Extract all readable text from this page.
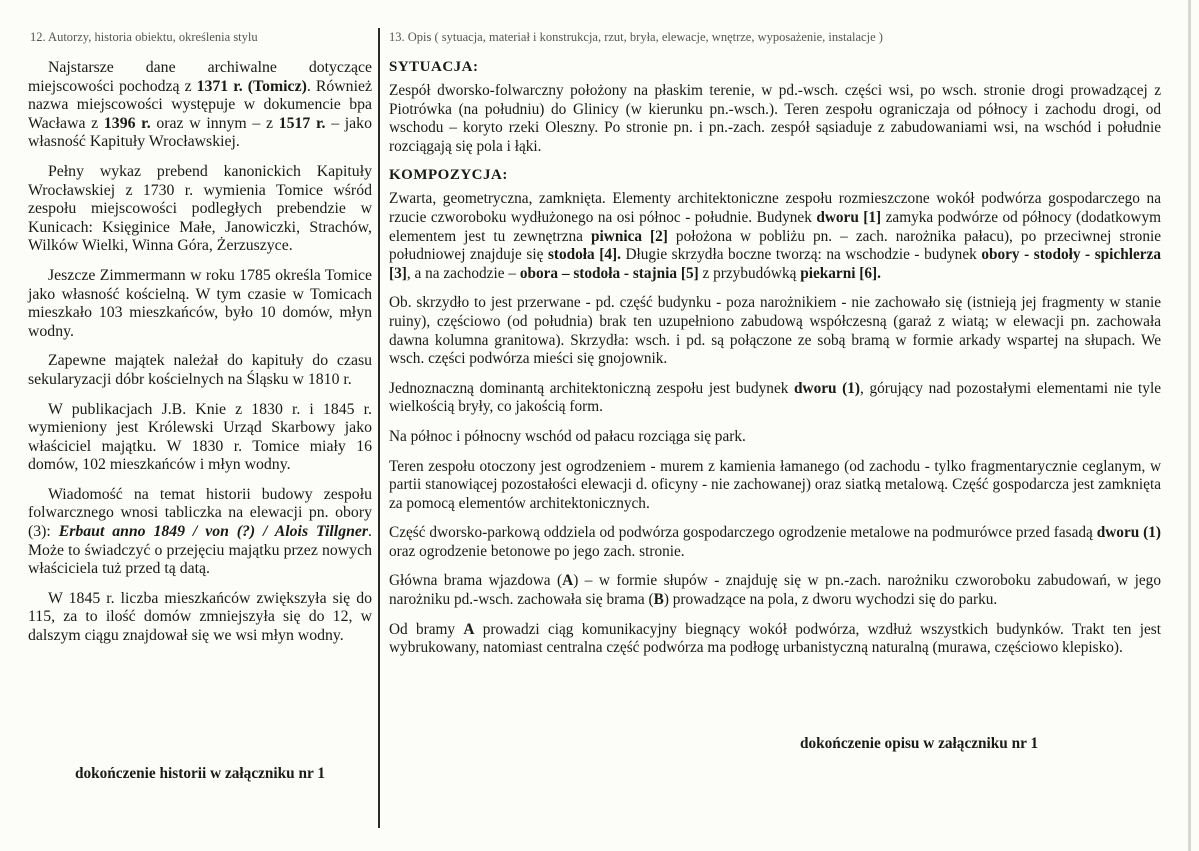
12. Autorzy, historia obiektu, określenia stylu

Najstarsze dane archiwalne dotyczące miejscowości pochodzą z 1371 r. (Tomicz). Również nazwa miejscowości występuje w dokumencie bpa Wacława z 1396 r. oraz w innym – z 1517 r. – jako własność Kapituły Wrocławskiej.

Pełny wykaz prebend kanonickich Kapituły Wrocławskiej z 1730 r. wymienia Tomice wśród zespołu miejscowości podległych prebendzie w Kunicach: Księginice Małe, Janowiczki, Strachów, Wilków Wielki, Winna Góra, Żerzuszyce.

Jeszcze Zimmermann w roku 1785 określa Tomice jako własność kościelną. W tym czasie w Tomicach mieszkało 103 mieszkańców, było 10 domów, młyn wodny.

Zapewne majątek należał do kapituły do czasu sekularyzacji dóbr kościelnych na Śląsku w 1810 r.

W publikacjach J.B. Knie z 1830 r. i 1845 r. wymieniony jest Królewski Urząd Skarbowy jako właściciel majątku. W 1830 r. Tomice miały 16 domów, 102 mieszkańców i młyn wodny.

Wiadomość na temat historii budowy zespołu folwarcznego wnosi tabliczka na elewacji pn. obory (3): Erbaut anno 1849 / von (?) / Alois Tillgner. Może to świadczyć o przejęciu majątku przez nowych właściciela tuż przed tą datą.

W 1845 r. liczba mieszkańców zwiększyła się do 115, za to ilość domów zmniejszyła się do 12, w dalszym ciągu znajdował się we wsi młyn wodny.

dokończenie historii w załączniku nr 1
13. Opis ( sytuacja, materiał i konstrukcja, rzut, bryła, elewacje, wnętrze, wyposażenie, instalacje )
SYTUACJA:

Zespół dworsko-folwarczny położony na płaskim terenie, w pd.-wsch. części wsi, po wsch. stronie drogi prowadzącej z Piotrówka (na południu) do Glinicy (w kierunku pn.-wsch.). Teren zespołu ograniczaja od północy i zachodu drogi, od wschodu – koryto rzeki Oleszny. Po stronie pn. i pn.-zach. zespół sąsiaduje z zabudowaniami wsi, na wschód i południe rozciągają się pola i łąki.

KOMPOZYCJA:

Zwarta, geometryczna, zamknięta. Elementy architektoniczne zespołu rozmieszczone wokół podwórza gospodarczego na rzucie czworoboku wydłużonego na osi północ - południe. Budynek dworu [1] zamyka podwórze od północy (dodatkowym elementem jest tu zewnętrzna piwnica [2] położona w pobliżu pn. – zach. narożnika pałacu), po przeciwnej stronie południowej znajduje się stodoła [4]. Długie skrzydła boczne tworzą: na wschodzie - budynek obory - stodoły - spichlerza [3], a na zachodzie – obora – stodoła - stajnia [5] z przybudówką piekarni [6].

Ob. skrzydło to jest przerwane - pd. część budynku - poza narożnikiem - nie zachowało się (istnieją jej fragmenty w stanie ruiny), częściowo (od południa) brak ten uzupełniono zabudową współczesną (garaż z wiatą; w elewacji pn. zachowała dawna kolumna granitowa). Skrzydła: wsch. i pd. są połączone ze sobą bramą w formie arkady wspartej na słupach. We wsch. części podwórza mieści się gnojownik.

Jednoznaczną dominantą architektoniczną zespołu jest budynek dworu (1), górujący nad pozostałymi elementami nie tyle wielkością bryły, co jakością form.

Na północ i północny wschód od pałacu rozciąga się park.

Teren zespołu otoczony jest ogrodzeniem - murem z kamienia łamanego (od zachodu - tylko fragmentarycznie ceglanym, w partii stanowiącej pozostałości elewacji d. oficyny - nie zachowanej) oraz siatką metalową. Część gospodarcza jest zamknięta za pomocą elementów architektonicznych.

Część dworsko-parkową oddziela od podwórza gospodarczego ogrodzenie metalowe na podmurówce przed fasadą dworu (1) oraz ogrodzenie betonowe po jego zach. stronie.

Główna brama wjazdowa (A) – w formie słupów - znajduję się w pn.-zach. narożniku czworoboku zabudowań, w jego narożniku pd.-wsch. zachowała się brama (B) prowadzące na pola, z dworu wychodzi się do parku.

Od bramy A prowadzi ciąg komunikacyjny biegnący wokół podwórza, wzdłuż wszystkich budynków. Trakt ten jest wybrukowany, natomiast centralna część podwórza ma podłogę urbanistyczną naturalną (murawa, częściowo klepisko).

dokończenie opisu w załączniku nr 1
